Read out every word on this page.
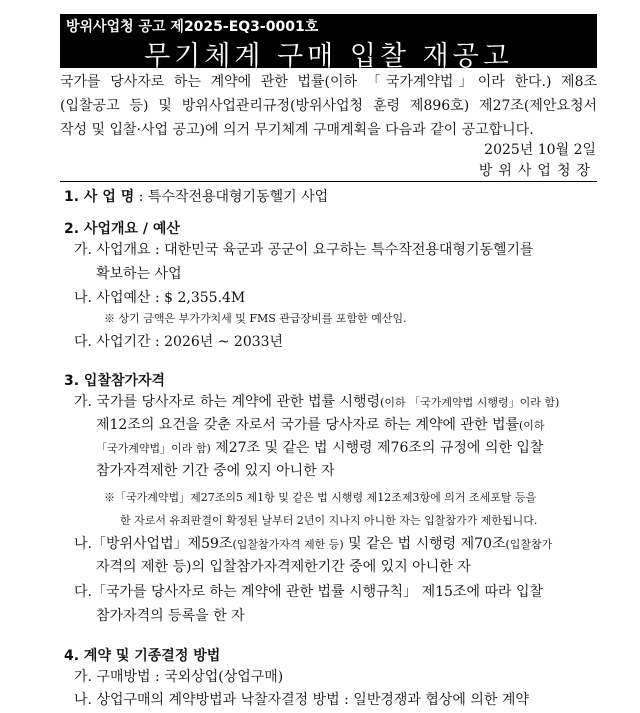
방위사업청 공고 제2025-EQ3-0001호
무기체계 구매 입찰 재공고
국가를 당사자로 하는 계약에 관한 법률(이하 「국가계약법」이라 한다.) 제8조
(입찰공고 등) 및 방위사업관리규정(방위사업청 훈령 제896호) 제27조(제안요청서
작성 및 입찰·사업 공고)에 의거 무기체계 구매계획을 다음과 같이 공고합니다.
2025년 10월 2일
방위사업청장
1. 사 업 명 : 특수작전용대형기동헬기 사업
2. 사업개요 / 예산
가. 사업개요 : 대한민국 육군과 공군이 요구하는 특수작전용대형기동헬기를
확보하는 사업
나. 사업예산 : $ 2,355.4M
※ 상기 금액은 부가가치세 및 FMS 관급장비를 포함한 예산임.
다. 사업기간 : 2026년 ~ 2033년
3. 입찰참가자격
가. 국가를 당사자로 하는 계약에 관한 법률 시행령(이하 「국가계약법 시행령」이라 함)
제12조의 요건을 갖춘 자로서 국가를 당사자로 하는 계약에 관한 법률(이하
「국가계약법」이라 함) 제27조 및 같은 법 시행령 제76조의 규정에 의한 입찰
참가자격제한 기간 중에 있지 아니한 자
※「국가계약법」제27조의5 제1항 및 같은 법 시행령 제12조제3항에 의거 조세포탈 등을
한 자로서 유죄판결이 확정된 날부터 2년이 지나지 아니한 자는 입찰참가가 제한됩니다.
나.「방위사업법」제59조(입찰참가자격 제한 등) 및 같은 법 시행령 제70조(입찰참가
자격의 제한 등)의 입찰참가자격제한기간 중에 있지 아니한 자
다.「국가를 당사자로 하는 계약에 관한 법률 시행규칙」 제15조에 따라 입찰
참가자격의 등록을 한 자
4. 계약 및 기종결정 방법
가. 구매방법 : 국외상업(상업구매)
나. 상업구매의 계약방법과 낙찰자결정 방법 : 일반경쟁과 협상에 의한 계약
